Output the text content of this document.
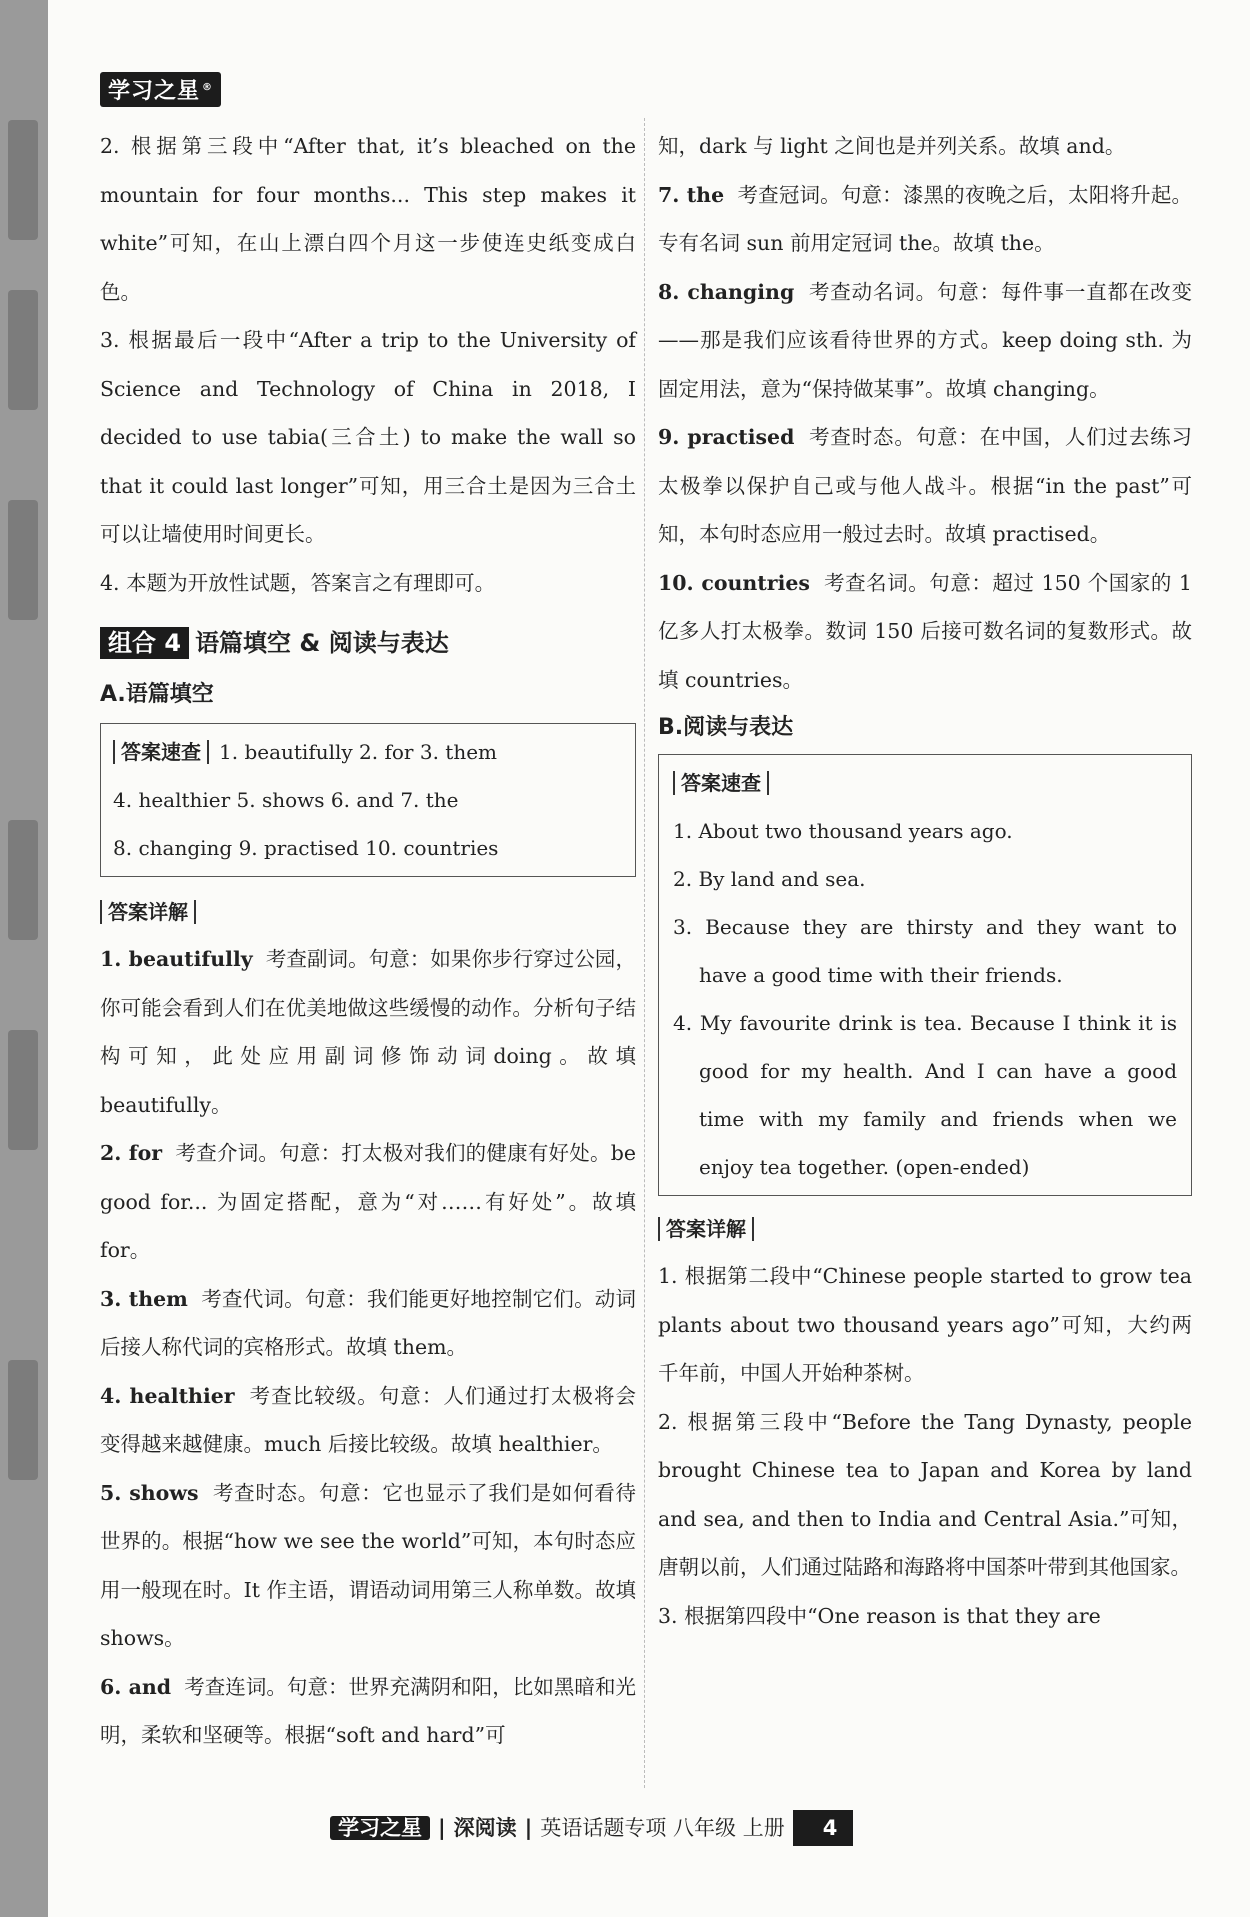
学习之星 ®

2. 根据第三段中“After that, it’s bleached on the mountain for four months... This step makes it white”可知，在山上漂白四个月这一步使连史纸变成白色。

3. 根据最后一段中“After a trip to the University of Science and Technology of China in 2018, I decided to use tabia(三合土) to make the wall so that it could last longer”可知，用三合土是因为三合土可以让墙使用时间更长。

4. 本题为开放性试题，答案言之有理即可。

组合 4 语篇填空 & 阅读与表达
A.语篇填空
答案速查 1. beautifully 2. for 3. them
4. healthier 5. shows 6. and 7. the
8. changing 9. practised 10. countries
答案详解

1. beautifully 考查副词。句意：如果你步行穿过公园，你可能会看到人们在优美地做这些缓慢的动作。分析句子结构可知，此处应用副词修饰动词doing。故填 beautifully。

2. for 考查介词。句意：打太极对我们的健康有好处。be good for... 为固定搭配，意为“对……有好处”。故填 for。

3. them 考查代词。句意：我们能更好地控制它们。动词后接人称代词的宾格形式。故填 them。

4. healthier 考查比较级。句意：人们通过打太极将会变得越来越健康。much 后接比较级。故填 healthier。

5. shows 考查时态。句意：它也显示了我们是如何看待世界的。根据“how we see the world”可知，本句时态应用一般现在时。It 作主语，谓语动词用第三人称单数。故填 shows。

6. and 考查连词。句意：世界充满阴和阳，比如黑暗和光明，柔软和坚硬等。根据“soft and hard”可

知，dark 与 light 之间也是并列关系。故填 and。

7. the 考查冠词。句意：漆黑的夜晚之后，太阳将升起。专有名词 sun 前用定冠词 the。故填 the。

8. changing 考查动名词。句意：每件事一直都在改变——那是我们应该看待世界的方式。keep doing sth. 为固定用法，意为“保持做某事”。故填 changing。

9. practised 考查时态。句意：在中国，人们过去练习太极拳以保护自己或与他人战斗。根据“in the past”可知，本句时态应用一般过去时。故填 practised。

10. countries 考查名词。句意：超过 150 个国家的 1 亿多人打太极拳。数词 150 后接可数名词的复数形式。故填 countries。

B.阅读与表达
答案速查
1. About two thousand years ago.
2. By land and sea.
3. Because they are thirsty and they want to have a good time with their friends.
4. My favourite drink is tea. Because I think it is good for my health. And I can have a good time with my family and friends when we enjoy tea together. (open-ended)
答案详解

1. 根据第二段中“Chinese people started to grow tea plants about two thousand years ago”可知，大约两千年前，中国人开始种茶树。

2. 根据第三段中“Before the Tang Dynasty, people brought Chinese tea to Japan and Korea by land and sea, and then to India and Central Asia.”可知，唐朝以前，人们通过陆路和海路将中国茶叶带到其他国家。

3. 根据第四段中“One reason is that they are

学习之星 | 深阅读 | 英语话题专项 八年级 上册 4
